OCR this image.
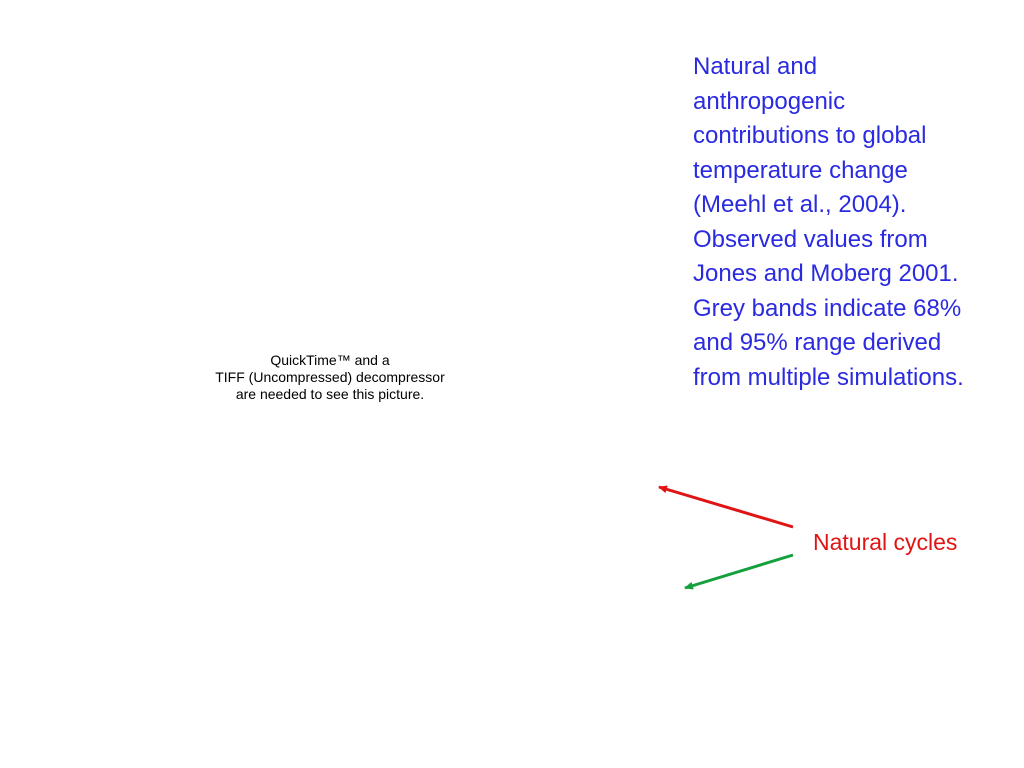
QuickTime™ and a
TIFF (Uncompressed) decompressor
are needed to see this picture.
Natural and
anthropogenic
contributions to global
temperature change
(Meehl et al., 2004).
Observed values from
Jones and Moberg 2001.
Grey bands indicate 68%
and 95% range derived
from multiple simulations.
Natural cycles
